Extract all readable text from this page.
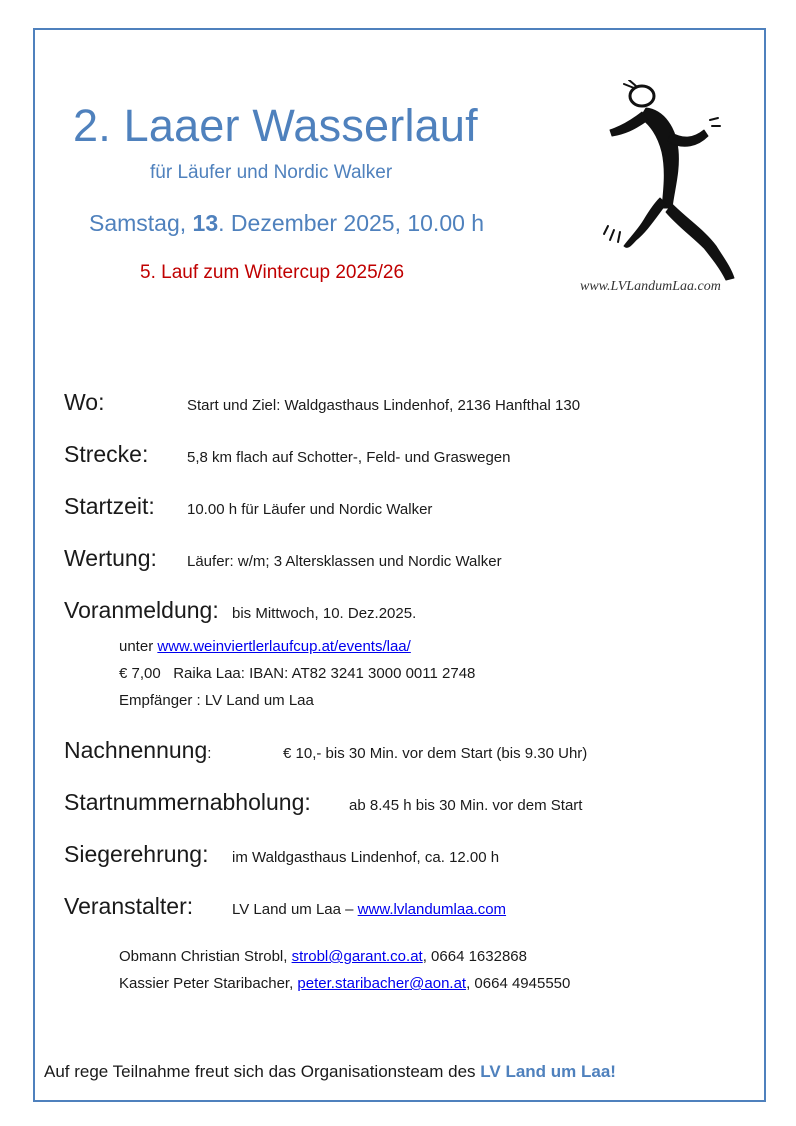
2. Laaer Wasserlauf
für Läufer und Nordic Walker
Samstag, 13. Dezember 2025, 10.00 h
5. Lauf zum Wintercup 2025/26
www.LVLandumLaa.com
Wo:	Start und Ziel: Waldgasthaus Lindenhof, 2136 Hanfthal 130
Strecke:	5,8 km flach auf Schotter-, Feld- und Graswegen
Startzeit: 10.00 h für Läufer und Nordic Walker
Wertung: Läufer: w/m; 3 Altersklassen und Nordic Walker
Voranmeldung: bis Mittwoch, 10. Dez.2025.
unter www.weinviertlerlaufcup.at/events/laa/
€ 7,00   Raika Laa: IBAN: AT82 3241 3000 0011 2748
Empfänger : LV Land um Laa
Nachnennung:	€ 10,- bis 30 Min. vor dem Start (bis 9.30 Uhr)
Startnummernabholung:	ab 8.45 h bis 30 Min. vor dem Start
Siegerehrung: im Waldgasthaus Lindenhof, ca. 12.00 h
Veranstalter:	LV Land um Laa – www.lvlandumlaa.com
Obmann Christian Strobl, strobl@garant.co.at, 0664 1632868
Kassier Peter Staribacher, peter.staribacher@aon.at, 0664 4945550
Auf rege Teilnahme freut sich das Organisationsteam des LV Land um Laa!
